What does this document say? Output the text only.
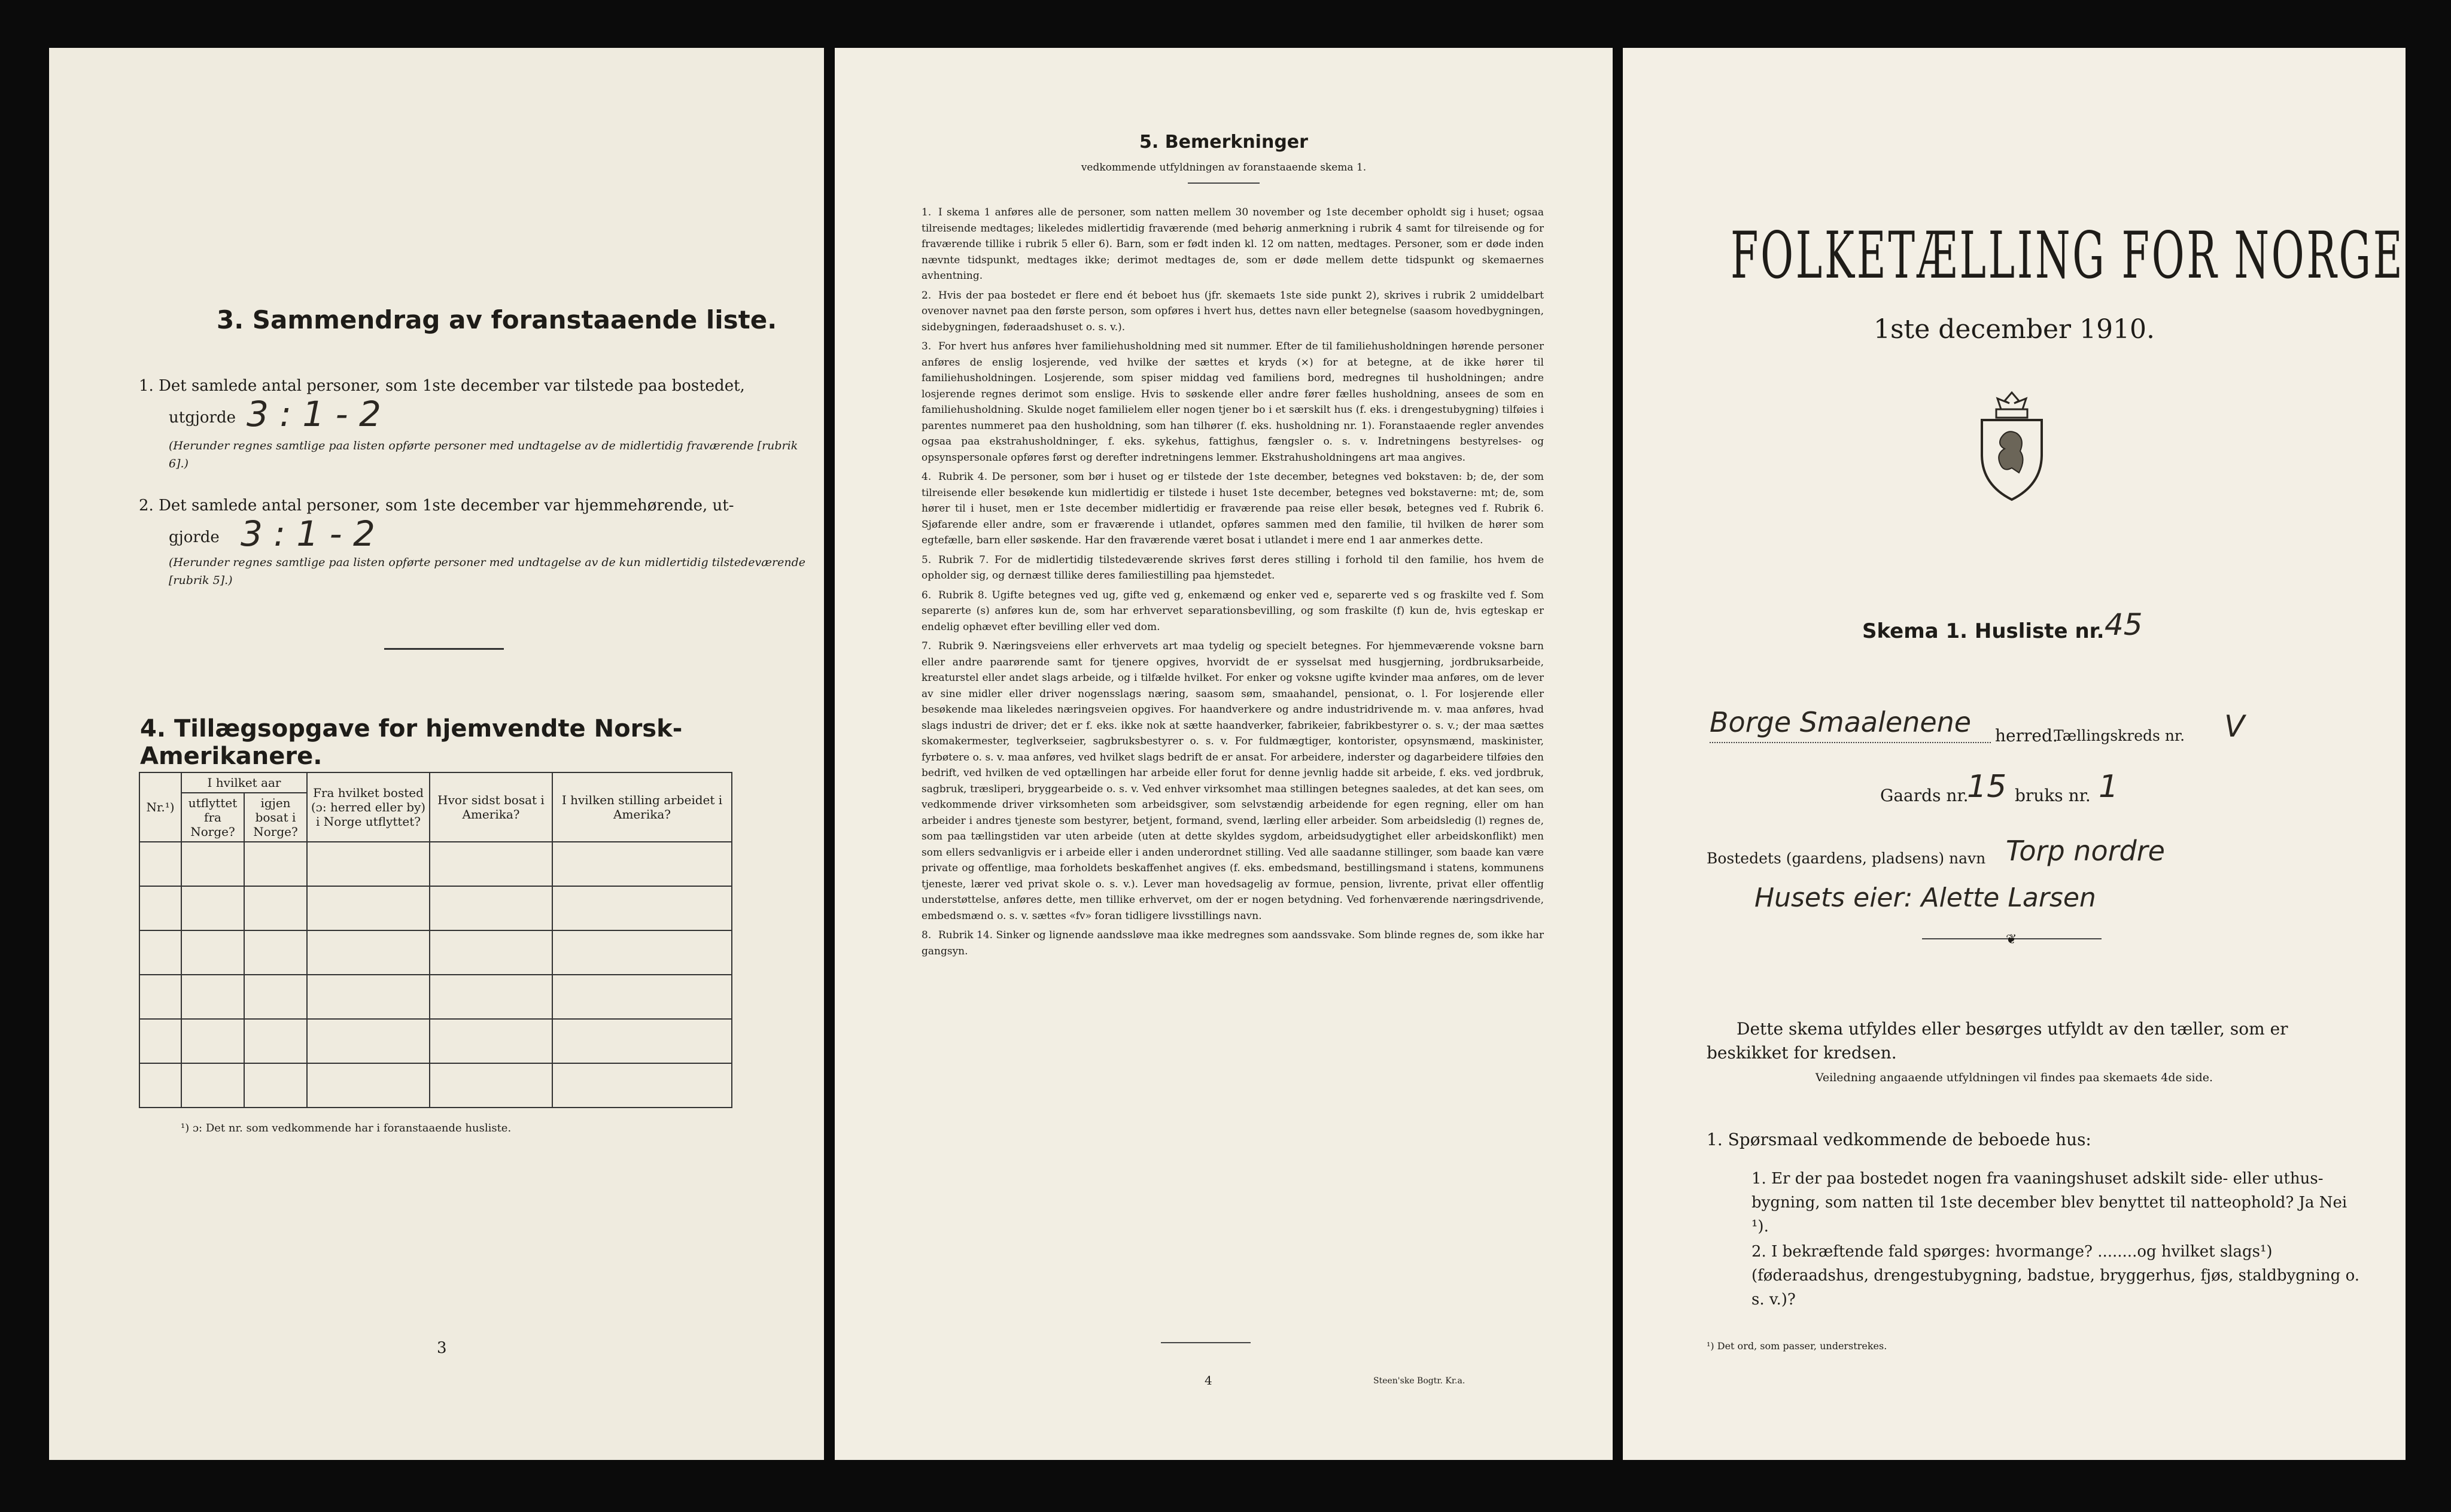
3. Sammendrag av foranstaaende liste.
1. Det samlede antal personer, som 1ste december var tilstede paa bostedet,
utgjorde 3 : 1 - 2
(Herunder regnes samtlige paa listen opførte personer med undtagelse av de midlertidig fraværende [rubrik 6].)
2. Det samlede antal personer, som 1ste december var hjemmehørende, ut-
gjorde 3 : 1 - 2
(Herunder regnes samtlige paa listen opførte personer med undtagelse av de kun midlertidig tilstedeværende [rubrik 5].)
4. Tillægsopgave for hjemvendte Norsk-Amerikanere.
Nr.¹)	I hvilket aar		Fra hvilket bosted (ɔ: herred eller by) i Norge utflyttet?	Hvor sidst bosat i Amerika?	I hvilken stilling arbeidet i Amerika?
	utflyttet fra Norge?	igjen bosat i Norge?			

¹) ɔ: Det nr. som vedkommende har i foranstaaende husliste.
3
5. Bemerkninger
vedkommende utfyldningen av foranstaaende skema 1.
1. I skema 1 anføres alle de personer, som natten mellem 30 november og 1ste december opholdt sig i huset; ogsaa tilreisende medtages; likeledes midlertidig fraværende (med behørig anmerkning i rubrik 4 samt for tilreisende og for fraværende tillike i rubrik 5 eller 6). Barn, som er født inden kl. 12 om natten, medtages. Personer, som er døde inden nævnte tidspunkt, medtages ikke; derimot medtages de, som er døde mellem dette tidspunkt og skemaernes avhentning.
2. Hvis der paa bostedet er flere end ét beboet hus (jfr. skemaets 1ste side punkt 2), skrives i rubrik 2 umiddelbart ovenover navnet paa den første person, som opføres i hvert hus, dettes navn eller betegnelse (saasom hovedbygningen, sidebygningen, føderaadshuset o. s. v.).
3. For hvert hus anføres hver familiehusholdning med sit nummer. Efter de til familiehusholdningen hørende personer anføres de enslig losjerende, ved hvilke der sættes et kryds (×) for at betegne, at de ikke hører til familiehusholdningen. Losjerende, som spiser middag ved familiens bord, medregnes til husholdningen; andre losjerende regnes derimot som enslige. Hvis to søskende eller andre fører fælles husholdning, ansees de som en familiehusholdning. Skulde noget familielem eller nogen tjener bo i et særskilt hus (f. eks. i drengestubygning) tilføies i parentes nummeret paa den husholdning, som han tilhører (f. eks. husholdning nr. 1). Foranstaaende regler anvendes ogsaa paa ekstrahusholdninger, f. eks. sykehus, fattighus, fængsler o. s. v. Indretningens bestyrelses- og opsynspersonale opføres først og derefter indretningens lemmer. Ekstrahusholdningens art maa angives.
4. Rubrik 4. De personer, som bør i huset og er tilstede der 1ste december, betegnes ved bokstaven: b; de, der som tilreisende eller besøkende kun midlertidig er tilstede i huset 1ste december, betegnes ved bokstaverne: mt; de, som hører til i huset, men er 1ste december midlertidig er fraværende paa reise eller besøk, betegnes ved f. Rubrik 6. Sjøfarende eller andre, som er fraværende i utlandet, opføres sammen med den familie, til hvilken de hører som egtefælle, barn eller søskende. Har den fraværende været bosat i utlandet i mere end 1 aar anmerkes dette.
5. Rubrik 7. For de midlertidig tilstedeværende skrives først deres stilling i forhold til den familie, hos hvem de opholder sig, og dernæst tillike deres familiestilling paa hjemstedet.
6. Rubrik 8. Ugifte betegnes ved ug, gifte ved g, enkemænd og enker ved e, separerte ved s og fraskilte ved f. Som separerte (s) anføres kun de, som har erhvervet separationsbevilling, og som fraskilte (f) kun de, hvis egteskap er endelig ophævet efter bevilling eller ved dom.
7. Rubrik 9. Næringsveiens eller erhvervets art maa tydelig og specielt betegnes. For hjemmeværende voksne barn eller andre paarørende samt for tjenere opgives, hvorvidt de er sysselsat med husgjerning, jordbruksarbeide, kreaturstel eller andet slags arbeide, og i tilfælde hvilket. For enker og voksne ugifte kvinder maa anføres, om de lever av sine midler eller driver nogensslags næring, saasom søm, smaahandel, pensionat, o. l. For losjerende eller besøkende maa likeledes næringsveien opgives. For haandverkere og andre industridrivende m. v. maa anføres, hvad slags industri de driver; det er f. eks. ikke nok at sætte haandverker, fabrikeier, fabrikbestyrer o. s. v.; der maa sættes skomakermester, teglverkseier, sagbruksbestyrer o. s. v. For fuldmægtiger, kontorister, opsynsmænd, maskinister, fyrbøtere o. s. v. maa anføres, ved hvilket slags bedrift de er ansat. For arbeidere, inderster og dagarbeidere tilføies den bedrift, ved hvilken de ved optællingen har arbeide eller forut for denne jevnlig hadde sit arbeide, f. eks. ved jordbruk, sagbruk, træsliperi, bryggearbeide o. s. v. Ved enhver virksomhet maa stillingen betegnes saaledes, at det kan sees, om vedkommende driver virksomheten som arbeidsgiver, som selvstændig arbeidende for egen regning, eller om han arbeider i andres tjeneste som bestyrer, betjent, formand, svend, lærling eller arbeider. Som arbeidsledig (l) regnes de, som paa tællingstiden var uten arbeide (uten at dette skyldes sygdom, arbeidsudygtighet eller arbeidskonflikt) men som ellers sedvanligvis er i arbeide eller i anden underordnet stilling. Ved alle saadanne stillinger, som baade kan være private og offentlige, maa forholdets beskaffenhet angives (f. eks. embedsmand, bestillingsmand i statens, kommunens tjeneste, lærer ved privat skole o. s. v.). Lever man hovedsagelig av formue, pension, livrente, privat eller offentlig understøttelse, anføres dette, men tillike erhvervet, om der er nogen betydning. Ved forhenværende næringsdrivende, embedsmænd o. s. v. sættes «fv» foran tidligere livsstillings navn.
8. Rubrik 14. Sinker og lignende aandssløve maa ikke medregnes som aandssvake. Som blinde regnes de, som ikke har gangsyn.
4	Steen'ske Bogtr. Kr.a.
FOLKETÆLLING FOR NORGE
1ste december 1910.
Skema 1. Husliste nr. 45
Borge Smaalenene herred.
Tællingskreds nr. V
Gaards nr.
15 bruks nr. 1
Bostedets (gaardens, pladsens) navn Torp nordre
Husets eier: Alette Larsen
❦
Dette skema utfyldes eller besørges utfyldt av den tæller, som er beskikket for kredsen.
Veiledning angaaende utfyldningen vil findes paa skemaets 4de side.
1. Spørsmaal vedkommende de beboede hus:
1. Er der paa bostedet nogen fra vaaningshuset adskilt side- eller uthus-bygning, som natten til 1ste december blev benyttet til natteophold? Ja Nei ¹).
2. I bekræftende fald spørges: hvormange? ........og hvilket slags¹) (føderaadshus, drengestubygning, badstue, bryggerhus, fjøs, staldbygning o. s. v.)?
¹) Det ord, som passer, understrekes.
